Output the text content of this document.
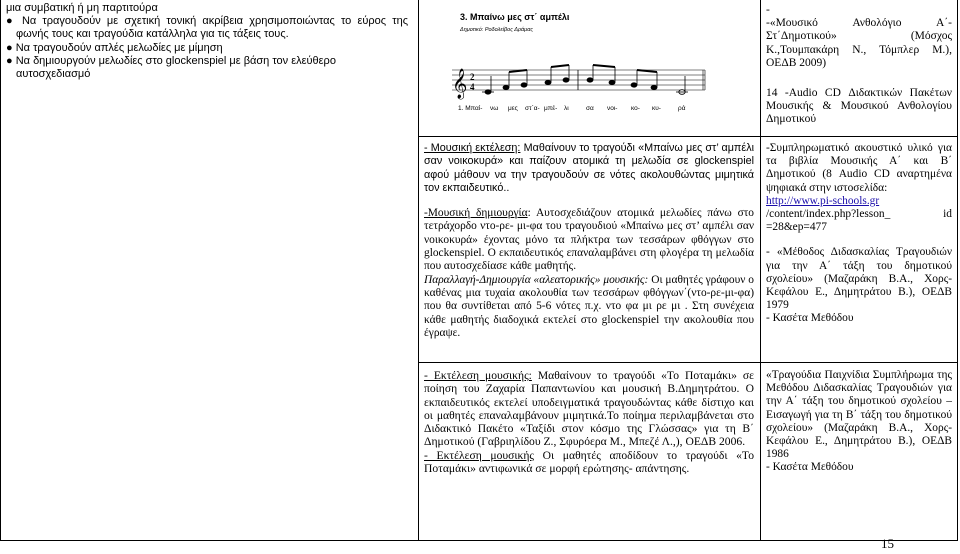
μια συμβατική ή μη παρτιτούρα
● Να τραγουδούν με σχετική τονική ακρίβεια χρησιμοποιώντας το εύρος της φωνής τους και τραγούδια κατάλληλα για τις τάξεις τους.
● Να τραγουδούν απλές μελωδίες με μίμηση
● Να δημιουργούν μελωδίες στο glockenspiel με βάση τον ελεύθερο αυτοσχεδιασμό
3. Μπαίνω μες στ΄ αμπέλι
Δημοτικό: Ροδολείβος Δράμας
𝄞 2
4
1. Μπαί- νω μες στ΄α- μπέ- λι	σα νοι- κο- κυ-	ρά
-
-«Μουσικό Ανθολόγιο Α΄- Στ΄Δημοτικού» (Μόσχος Κ.,Τουμπακάρη Ν., Τόμπλερ Μ.), ΟΕΔΒ 2009)
14 -Audio CD Διδακτικών Πακέτων Μουσικής & Μουσικού Ανθολογίου Δημοτικού
- Μουσική εκτέλεση: Μαθαίνουν το τραγούδι «Μπαίνω μες στ’ αμπέλι σαν νοικοκυρά» και παίζουν ατομικά τη μελωδία σε glockenspiel αφού μάθουν να την τραγουδούν σε νότες ακολουθώντας μιμητικά τον εκπαιδευτικό..
-Μουσική δημιουργία: Αυτοσχεδιάζουν ατομικά μελωδίες πάνω στο τετράχορδο ντο-ρε- μι-φα του τραγουδιού «Μπαίνω μες στ’ αμπέλι σαν νοικοκυρά» έχοντας μόνο τα πλήκτρα των τεσσάρων φθόγγων στο glockenspiel. Ο εκπαιδευτικός επαναλαμβάνει στη φλογέρα τη μελωδία που αυτοσχεδίασε κάθε μαθητής.
Παραλλαγή-Δημιουργία «αλεατορικής» μουσικής: Οι μαθητές γράφουν ο καθένας μια τυχαία ακολουθία των τεσσάρων φθόγγων΄(ντο-ρε-μι-φα) που θα συντίθεται από 5-6 νότες π.χ. ντο φα μι ρε μι . Στη συνέχεια κάθε μαθητής διαδοχικά εκτελεί στο glockenspiel την ακολουθία που έγραψε.
-Συμπληρωματικό ακουστικό υλικό για τα βιβλία Μουσικής Α΄ και Β΄ Δημοτικού (8 Audio CD αναρτημένα ψηφιακά στην ιστοσελίδα:
http://www.pi-schools.gr
/content/index.php?lesson_ id =28&ep=477
- «Μέθοδος Διδασκαλίας Τραγουδιών για την Α΄ τάξη του δημοτικού σχολείου» (Μαζαράκη Β.Α., Χορς- Κεφάλου Ε., Δημητράτου Β.), ΟΕΔΒ 1979
- Κασέτα Μεθόδου
- Εκτέλεση μουσικής: Μαθαίνουν το τραγούδι «Το Ποταμάκι» σε ποίηση του Ζαχαρία Παπαντωνίου και μουσική Β.Δημητράτου. Ο εκπαιδευτικός εκτελεί υποδειγματικά τραγουδώντας κάθε δίστιχο και οι μαθητές επαναλαμβάνουν μιμητικά.Το ποίημα περιλαμβάνεται στο Διδακτικό Πακέτο «Ταξίδι στον κόσμο της Γλώσσας» για τη Β΄ Δημοτικού (Γαβριηλίδου Ζ., Σφυρόερα Μ., Μπεζέ Λ.,), ΟΕΔΒ 2006.
- Εκτέλεση μουσικής Οι μαθητές αποδίδουν το τραγούδι «Το Ποταμάκι» αντιφωνικά σε μορφή ερώτησης- απάντησης.
«Τραγούδια Παιχνίδια Συμπλήρωμα της Μεθόδου Διδασκαλίας Τραγουδιών για την Α΄ τάξη του δημοτικού σχολείου – Εισαγωγή για τη Β΄ τάξη του δημοτικού σχολείου» (Μαζαράκη Β.Α., Χορς- Κεφάλου Ε., Δημητράτου Β.), ΟΕΔΒ 1986
- Κασέτα Μεθόδου
15
